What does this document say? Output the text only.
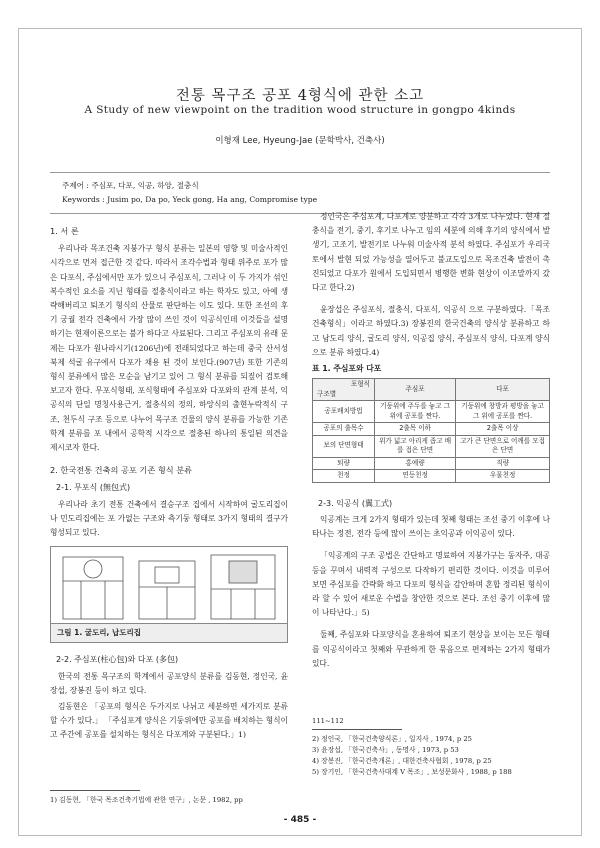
전통 목구조 공포 4형식에 관한 소고
A Study of new viewpoint on the tradition wood structure in gongpo 4kinds
이형재 Lee, Hyeung-Jae (문학박사, 건축사)
주제어 : 주심포, 다포, 익공, 하앙, 절충식
Keywords : Jusim po, Da po, Yeck gong, Ha ang, Compromise type
1. 서 론
우리나라 목조건축 지붕가구 형식 분류는 일본의 영향 및 미술사적인 시각으로 먼저 접근한 것 같다. 따라서 조각수법과 형태 위주로 포가 많은 다포식, 주심에서만 포가 있으니 주심포식, 그러나 이 두 가지가 섞인 복수적인 요소를 지닌 형태를 절충식이라고 하는 학자도 있고, 아예 생략해버리고 퇴조기 형식의 산물로 판단하는 이도 있다. 또한 조선의 후기 궁궐 전각 건축에서 가장 많이 쓰인 것이 익공식인데 이것들을 설명 하기는 현재이론으로는 불가 하다고 사료된다. 그리고 주심포의 유래 문제는 다포가 원나라시기(1206년)에 전래되었다고 하는데 중국 산서성 북제 석굴 유구에서 다포가 채용 된 것이 보인다.(907년) 또한 기존의 형식 분류에서 많은 모순을 남기고 있어 그 형식 분류를 되짚어 검토해 보고자 한다. 무포식형태, 포식형태에 주심포와 다포와의 관계 분석, 익공식의 단일 명칭사용근거, 절충식의 정의, 하앙식의 출현누락적식 구조, 천두식 구조 등으로 나누어 목구조 건물의 양식 분류를 가능한 기존 학계 분류를 포 내에서 공학적 시각으로 절충된 하나의 통일된 의견을 제시코자 한다.
2. 한국전통 건축의 공포 기존 형식 분류
2-1. 무포식 (無包式)
우리나라 초기 전통 건축에서 결승구조 집에서 시작하여 굴도리집이나 민도리집에는 포 가없는 구조와 측기둥 형태로 3가지 형태의 결구가 형성되고 있다.
그림 1. 굴도리, 납도리집
2-2. 주심포(柱心包)와 다포 (多包)
한국의 전통 목구조의 학계에서 공포양식 분류를 김동현, 정인국, 윤장섭, 장봉진 등이 하고 있다.
김동현은 「공포의 형식은 두가지로 나뉘고 세분하면 세가지로 분류 할 수가 있다.」 「주심포계 양식은 기둥위에만 공포를 배치하는 형식이고 주간에 공포를 설치하는 형식은 다포계와 구분된다.」1)
1) 김동현, 「한국 목조건축기법에 관한 연구」, 논문 , 1982, pp
정인국은 주심포계, 다포계로 양분하고 각각 3개로 나누었다. 현재 절충식을 전기, 중기, 후기로 나누고 임의 세분에 의해 후기의 양식에서 발생기, 고조기, 발전기로 나누워 미술사적 분석 하였다. 주심포가 우리국토에서 발현 되었 가능성을 열어두고 불교도입으로 목조건축 발전이 촉진되었고 다포가 원에서 도입되면서 병행한 변화 현상이 이조말까지 갔다고 한다.2)
윤장섭은 주심포식, 절충식, 다포식, 익공식 으로 구분하였다.「목조건축형식」이라고 하였다.3) 장봉진의 한국건축의 양식상 분류하고 하고 남도리 양식, 굴도리 양식, 익공집 양식, 주심포식 양식, 다포계 양식으로 분류 하였다.4)
표 1. 주심포와 다포
포형식
구조별	주심포	다포
공포배치방법	기둥위에 주두를 놓고 그 위에 공포를 짠다.	기둥위에 창방과 평방을 놓고 그 위에 공포를 짠다.
공포의 출목수	2출목 이하	2출목 이상
보의 단면형태	위가 넓고 아리게 좁고 배를 접은 단면	고가 큰 단면으로 어깨를 모접은 단면
퇴량	홍예량	직량
천정	연등천정	우물천정
2-3. 익공식 (翼工式)
익공계는 크게 2가지 형태가 있는데 첫째 형태는 조선 중기 이후에 나타나는 정전, 전각 등에 많이 쓰이는 초익공과 이익공이 있다.
「익공계의 구조 공법은 간단하고 명료하여 지붕가구는 동자주, 대공 등을 꾸며서 내력적 구성으로 다작하기 편리한 것이다. 이것을 미루어 보면 주심포를 간략화 하고 다포의 형식을 감안하며 혼합 정리된 형식이라 할 수 있어 새로운 수법을 창안한 것으로 본다. 조선 중기 이후에 많이 나타난다.」5)
둘째, 주심포와 다포양식을 혼용하여 퇴조기 현상을 보이는 모든 형태를 익공식이라고 첫째와 무관하게 한 묶음으로 편제하는 2가지 형태가 있다.
111~112
2) 정인국, 「한국건축양식론」, 일지사 , 1974, p 25
3) 윤장섭, 「한국건축사」, 동명사 , 1973, p 53
4) 장봉진, 「한국건축개론」, 대한건축사협회 , 1978, p 25
5) 장기인, 「한국건축사대계 V 목조」, 보성문화사 , 1988, p 188
- 485 -
